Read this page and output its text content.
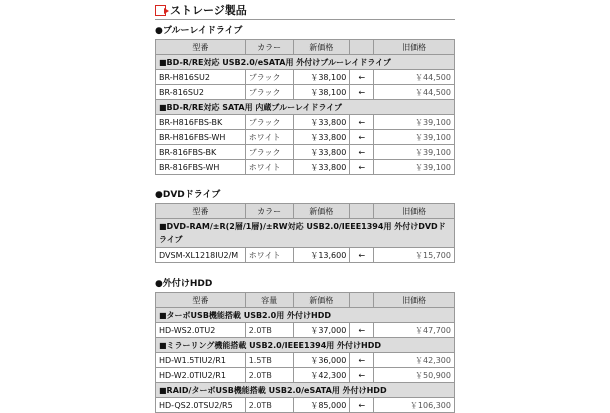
ストレージ製品
●ブルーレイドライブ
型番	カラー	新価格		旧価格
■BD-R/RE対応 USB2.0/eSATA用 外付けブルーレイドライブ				
BR-H816SU2	ブラック	￥38,100	←	￥44,500
BR-816SU2	ブラック	￥38,100	←	￥44,500
■BD-R/RE対応 SATA用 内蔵ブルーレイドライブ				
BR-H816FBS-BK	ブラック	￥33,800	←	￥39,100
BR-H816FBS-WH	ホワイト	￥33,800	←	￥39,100
BR-816FBS-BK	ブラック	￥33,800	←	￥39,100
BR-816FBS-WH	ホワイト	￥33,800	←	￥39,100
●DVDドライブ
型番	カラー	新価格		旧価格
■DVD-RAM/±R(2層/1層)/±RW対応 USB2.0/IEEE1394用 外付けDVDドライブ				
DVSM-XL1218IU2/M	ホワイト	￥13,600	←	￥15,700
●外付けHDD
型番	容量	新価格		旧価格
■ターボUSB機能搭載 USB2.0用 外付けHDD				
HD-WS2.0TU2	2.0TB	￥37,000	←	￥47,700
■ミラーリング機能搭載 USB2.0/IEEE1394用 外付けHDD				
HD-W1.5TIU2/R1	1.5TB	￥36,000	←	￥42,300
HD-W2.0TIU2/R1	2.0TB	￥42,300	←	￥50,900
■RAID/ターボUSB機能搭載 USB2.0/eSATA用 外付けHDD				
HD-QS2.0TSU2/R5	2.0TB	￥85,000	←	￥106,300
